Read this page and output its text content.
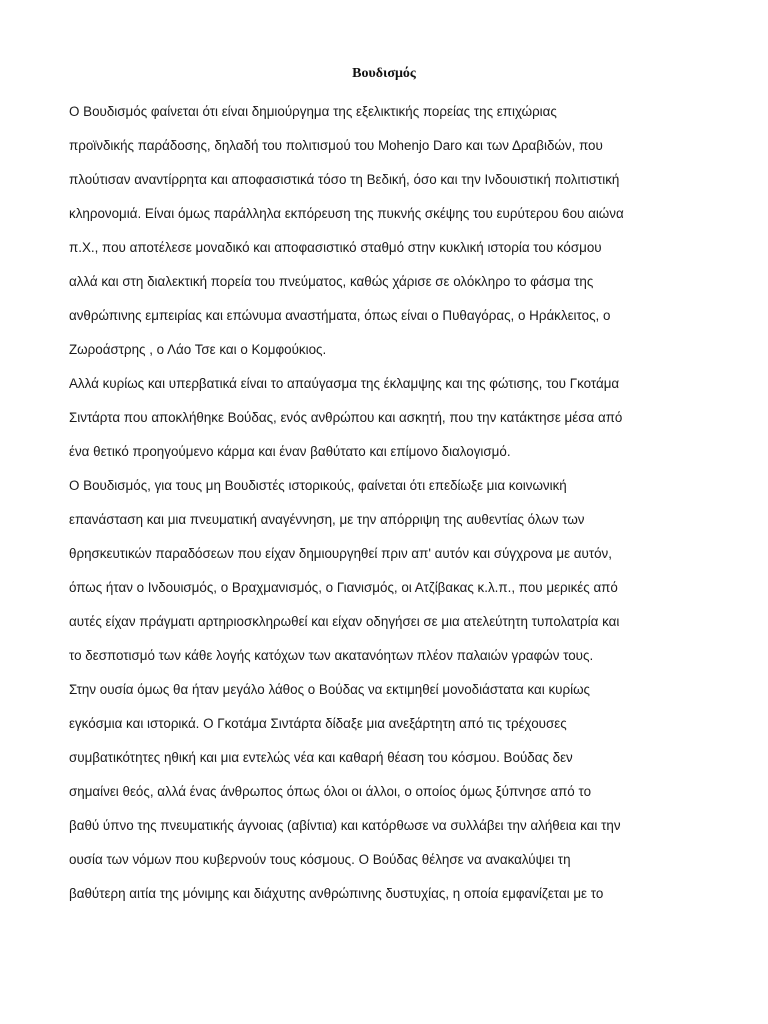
Βουδισμός

Ο Βουδισμός φαίνεται ότι είναι δημιούργημα της εξελικτικής πορείας της επιχώριας

προϊνδικής παράδοσης, δηλαδή του πολιτισμού του Mohenjo Daro και των Δραβιδών, που

πλούτισαν αναντίρρητα και αποφασιστικά τόσο τη Βεδική, όσο και την Ινδουιστική πολιτιστική

κληρονομιά. Είναι όμως παράλληλα εκπόρευση της πυκνής σκέψης του ευρύτερου 6ου αιώνα

π.Χ., που αποτέλεσε μοναδικό και αποφασιστικό σταθμό στην κυκλική ιστορία του κόσμου

αλλά και στη διαλεκτική πορεία του πνεύματος, καθώς χάρισε σε ολόκληρο το φάσμα της

ανθρώπινης εμπειρίας και επώνυμα αναστήματα, όπως είναι ο Πυθαγόρας, ο Ηράκλειτος, ο

Ζωροάστρης , ο Λάο Τσε και ο Κομφούκιος.

Αλλά κυρίως και υπερβατικά είναι το απαύγασμα της έκλαμψης και της φώτισης, του Γκοτάμα

Σιντάρτα που αποκλήθηκε Βούδας, ενός ανθρώπου και ασκητή, που την κατάκτησε μέσα από

ένα θετικό προηγούμενο κάρμα και έναν βαθύτατο και επίμονο διαλογισμό.

Ο Βουδισμός, για τους μη Βουδιστές ιστορικούς, φαίνεται ότι επεδίωξε μια κοινωνική

επανάσταση και μια πνευματική αναγέννηση, με την απόρριψη της αυθεντίας όλων των

θρησκευτικών παραδόσεων που είχαν δημιουργηθεί πριν απ' αυτόν και σύγχρονα με αυτόν,

όπως ήταν ο Ινδουισμός, ο Βραχμανισμός, ο Γιανισμός, οι Ατζίβακας κ.λ.π., που μερικές από

αυτές είχαν πράγματι αρτηριοσκληρωθεί και είχαν οδηγήσει σε μια ατελεύτητη τυπολατρία και

το δεσποτισμό των κάθε λογής κατόχων των ακατανόητων πλέον παλαιών γραφών τους.

Στην ουσία όμως θα ήταν μεγάλο λάθος ο Βούδας να εκτιμηθεί μονοδιάστατα και κυρίως

εγκόσμια και ιστορικά. Ο Γκοτάμα Σιντάρτα δίδαξε μια ανεξάρτητη από τις τρέχουσες

συμβατικότητες ηθική και μια εντελώς νέα και καθαρή θέαση του κόσμου. Βούδας δεν

σημαίνει θεός, αλλά ένας άνθρωπος όπως όλοι οι άλλοι, ο οποίος όμως ξύπνησε από το

βαθύ ύπνο της πνευματικής άγνοιας (αβίντια) και κατόρθωσε να συλλάβει την αλήθεια και την

ουσία των νόμων που κυβερνούν τους κόσμους. Ο Βούδας θέλησε να ανακαλύψει τη

βαθύτερη αιτία της μόνιμης και διάχυτης ανθρώπινης δυστυχίας, η οποία εμφανίζεται με το
